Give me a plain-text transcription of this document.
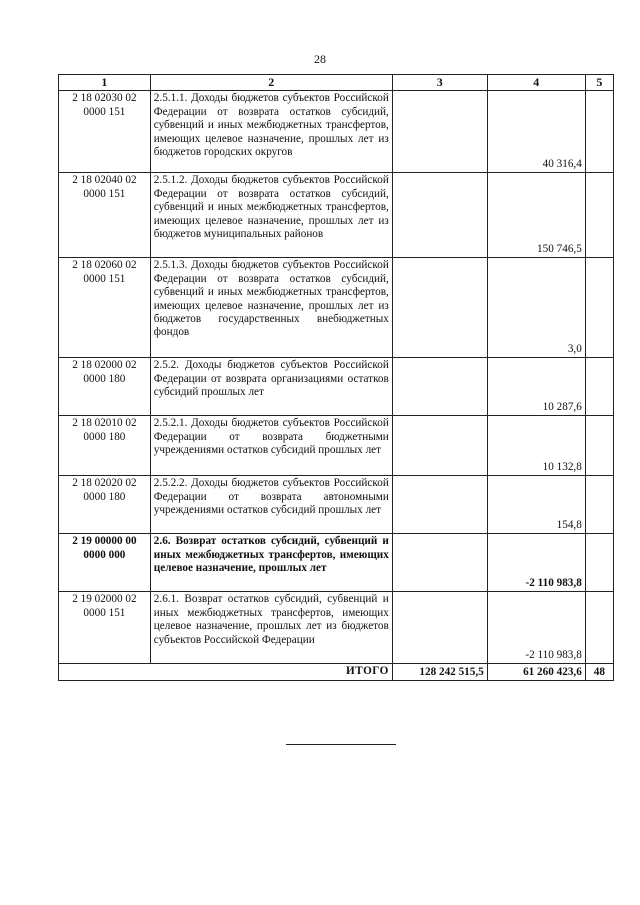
28
1	2	3	4	5
2 18 02030 02
0000 151	2.5.1.1. Доходы бюджетов субъектов Российской Федерации от возврата остатков субсидий, субвенций и иных межбюджетных трансфертов, имеющих целевое назначение, прошлых лет из бюджетов городских округов		40 316,4	
2 18 02040 02
0000 151	2.5.1.2. Доходы бюджетов субъектов Российской Федерации от возврата остатков субсидий, субвенций и иных межбюджетных трансфертов, имеющих целевое назначение, прошлых лет из бюджетов муниципальных районов		150 746,5	
2 18 02060 02
0000 151	2.5.1.3. Доходы бюджетов субъектов Российской Федерации от возврата остатков субсидий, субвенций и иных межбюджетных трансфертов, имеющих целевое назначение, прошлых лет из бюджетов государственных внебюджетных фондов		3,0	
2 18 02000 02
0000 180	2.5.2. Доходы бюджетов субъектов Российской Федерации от возврата организациями остатков субсидий прошлых лет		10 287,6	
2 18 02010 02
0000 180	2.5.2.1. Доходы бюджетов субъектов Российской Федерации от возврата бюджетными учреждениями остатков субсидий прошлых лет		10 132,8	
2 18 02020 02
0000 180	2.5.2.2. Доходы бюджетов субъектов Российской Федерации от возврата автономными учреждениями остатков субсидий прошлых лет		154,8	
2 19 00000 00
0000 000	2.6. Возврат остатков субсидий, субвенций и иных межбюджетных трансфертов, имеющих целевое назначение, прошлых лет		-2 110 983,8	
2 19 02000 02
0000 151	2.6.1. Возврат остатков субсидий, субвенций и иных межбюджетных трансфертов, имеющих целевое назначение, прошлых лет из бюджетов субъектов Российской Федерации		-2 110 983,8	
	ИТОГО	128 242 515,5	61 260 423,6	48
